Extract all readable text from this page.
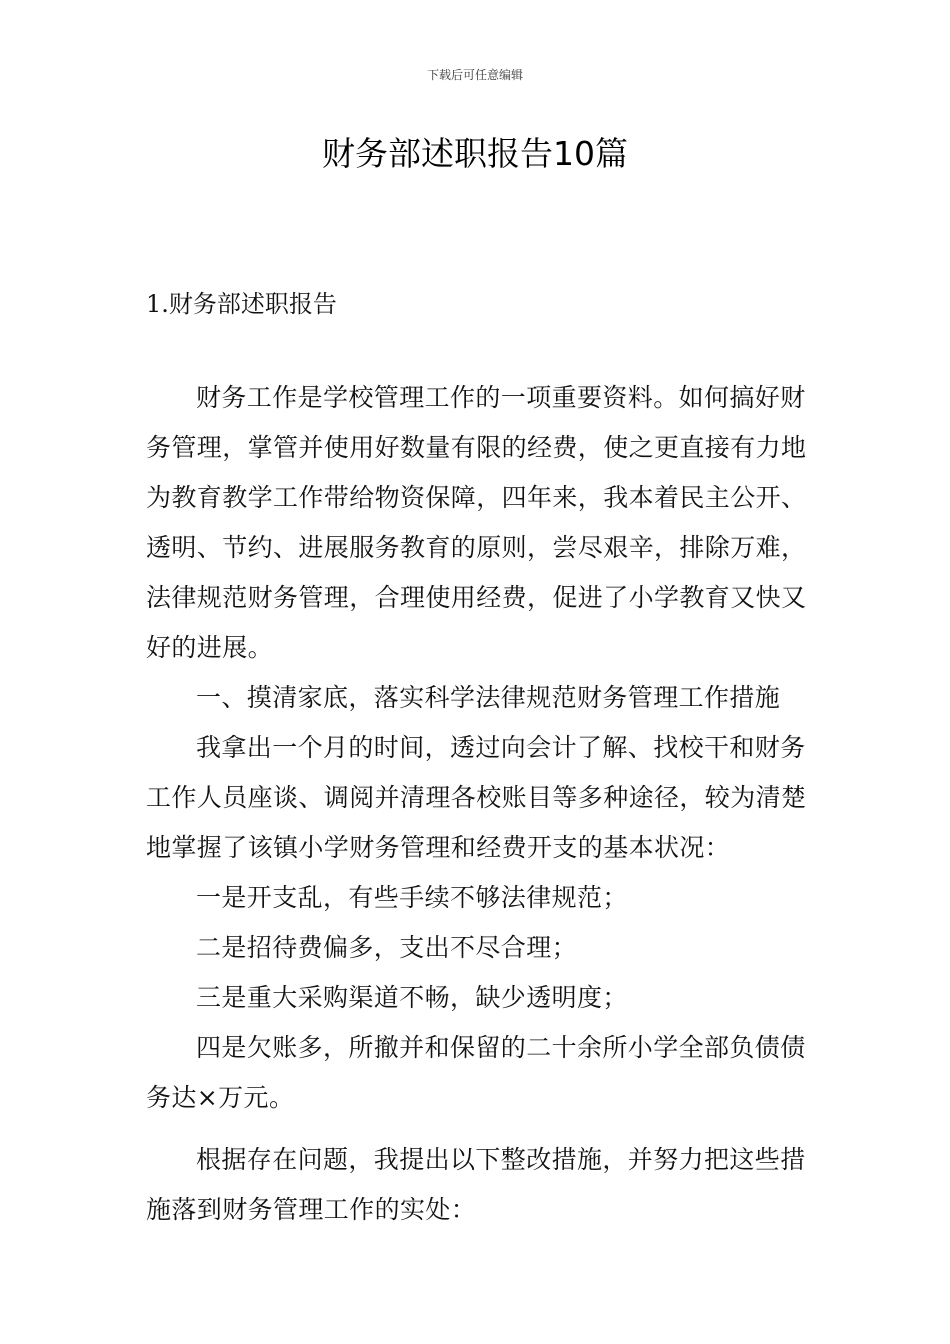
下载后可任意编辑
财务部述职报告10篇
1.财务部述职报告

财务工作是学校管理工作的一项重要资料。如何搞好财务管理，掌管并使用好数量有限的经费，使之更直接有力地为教育教学工作带给物资保障，四年来，我本着民主公开、透明、节约、进展服务教育的原则，尝尽艰辛，排除万难，法律规范财务管理，合理使用经费，促进了小学教育又快又好的进展。

一、摸清家底，落实科学法律规范财务管理工作措施

我拿出一个月的时间，透过向会计了解、找校干和财务工作人员座谈、调阅并清理各校账目等多种途径，较为清楚地掌握了该镇小学财务管理和经费开支的基本状况：

一是开支乱，有些手续不够法律规范；

二是招待费偏多，支出不尽合理；

三是重大采购渠道不畅，缺少透明度；

四是欠账多，所撤并和保留的二十余所小学全部负债债务达×万元。

根据存在问题，我提出以下整改措施，并努力把这些措施落到财务管理工作的实处：
